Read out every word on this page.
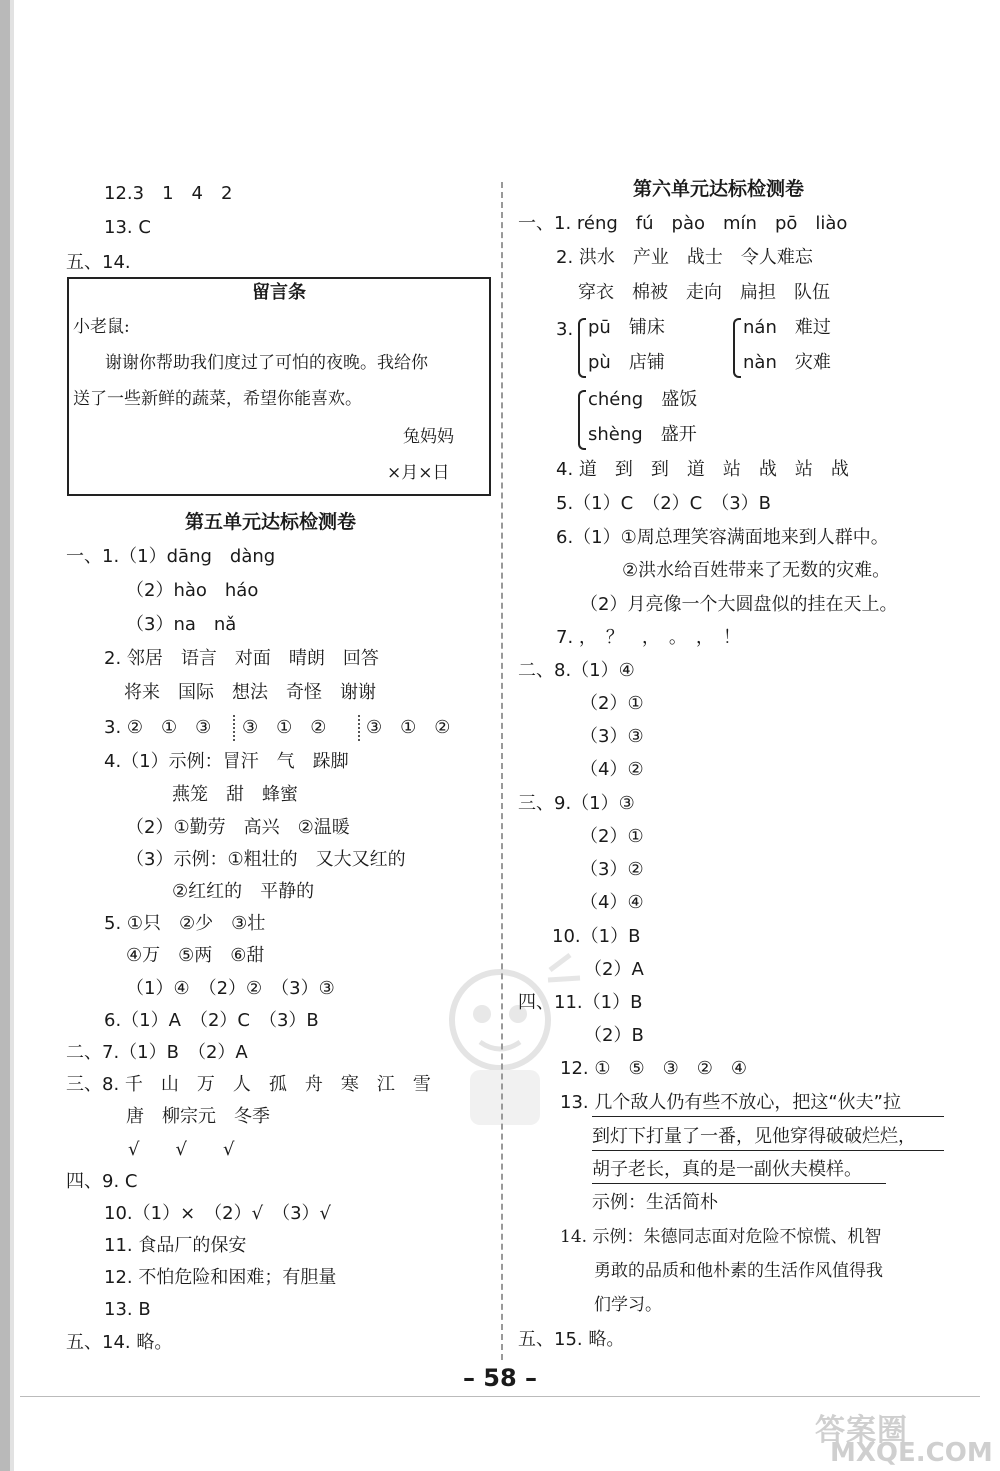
12.3　1　4　2
13. C
五、14.
留言条
小老鼠:
谢谢你帮助我们度过了可怕的夜晚。我给你
送了一些新鲜的蔬菜，希望你能喜欢。
兔妈妈
×月×日
第五单元达标检测卷
一、1.（1）dāng　dàng
（2）hào　háo
（3）na　nǎ
2. 邻居　语言　对面　晴朗　回答
将来　国际　想法　奇怪　谢谢
3. ②　①　③ ③　①　② ③　①　②
4.（1）示例：冒汗　气　跺脚
燕笼　甜　蜂蜜
（2）①勤劳　高兴　②温暖
（3）示例：①粗壮的　又大又红的
②红红的　平静的
5. ①只　②少　③壮
④万　⑤两　⑥甜
（1）④　（2）②　（3）③
6.（1）A　（2）C　（3）B
二、7.（1）B　（2）A
三、8. 千　山　万　人　孤　舟　寒　江　雪
唐　柳宗元　冬季
√　　√　　√
四、9. C
10.（1）×　（2）√　（3）√
11. 食品厂的保安
12. 不怕危险和困难；有胆量
13. B
五、14. 略。
第六单元达标检测卷
一、1. réng　fú　pào　mín　pō　liào
2. 洪水　产业　战士　令人难忘
穿衣　棉被　走向　扁担　队伍
3. pū　铺床
pù　店铺
nán　难过
nàn　灾难
chéng　盛饭
shèng　盛开
4. 道　到　到　道　站　战　站　战
5.（1）C　（2）C　（3）B
6.（1）①周总理笑容满面地来到人群中。
②洪水给百姓带来了无数的灾难。
（2）月亮像一个大圆盘似的挂在天上。
7. ，　？　，　。　，　！
二、8.（1）④
（2）①
（3）③
（4）②
三、9.（1）③
（2）①
（3）②
（4）④
10.（1）B
（2）A
四、11.（1）B
（2）B
12. ①　⑤　③　②　④
13. 几个敌人仍有些不放心，把这“伙夫”拉
到灯下打量了一番，见他穿得破破烂烂，
胡子老长，真的是一副伙夫模样。
示例：生活简朴
14. 示例：朱德同志面对危险不惊慌、机智
勇敢的品质和他朴素的生活作风值得我
们学习。
五、15. 略。
– 58 –
答案圈
MXQE.COM
